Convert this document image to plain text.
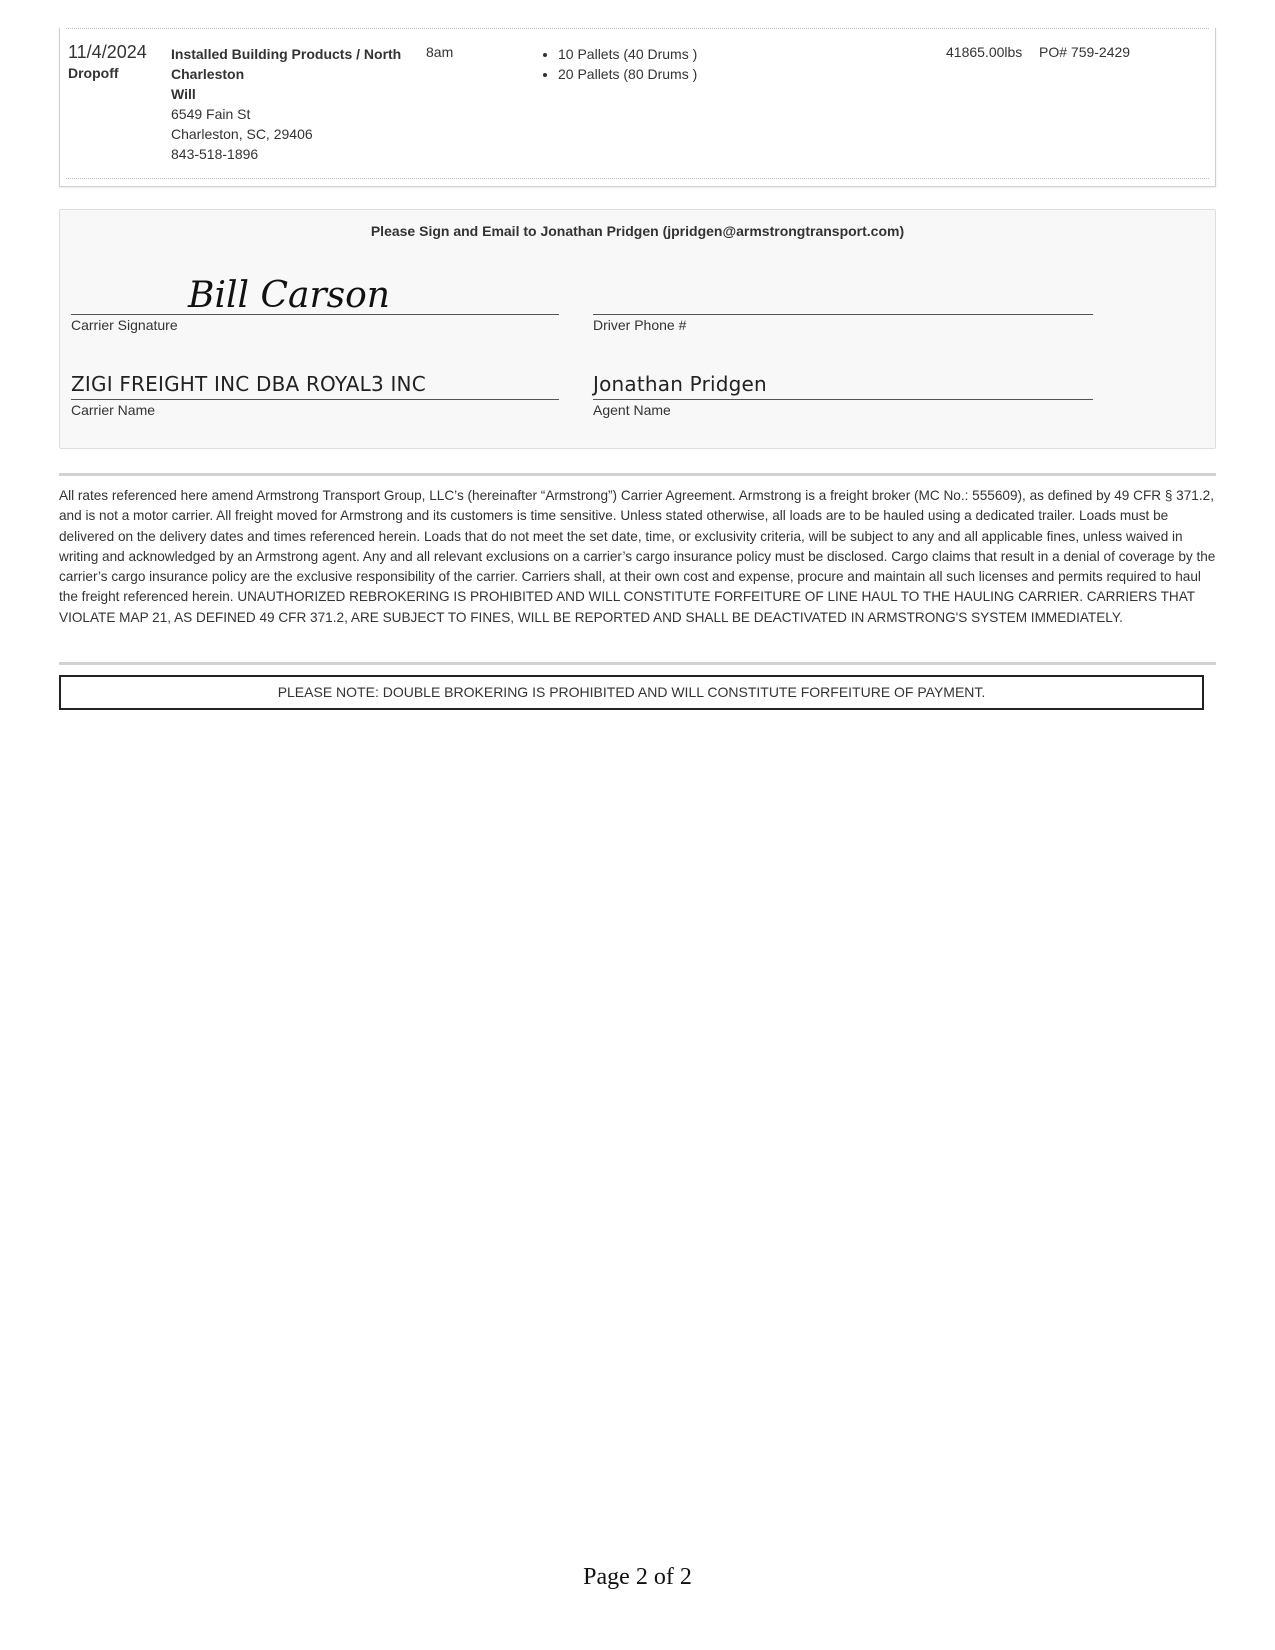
11/4/2024
Dropoff
Installed Building Products / North Charleston
Will
6549 Fain St
Charleston, SC, 29406
843-518-1896
8am
•	10 Pallets (40 Drums )
• 20 Pallets (80 Drums )
41865.00lbs PO# 759-2429
Please Sign and Email to Jonathan Pridgen (jpridgen@armstrongtransport.com)
Bill Carson
Carrier Signature	Driver Phone #
ZIGI FREIGHT INC DBA ROYAL3 INC
Carrier Name
Jonathan Pridgen
Agent Name
All rates referenced here amend Armstrong Transport Group, LLC’s (hereinafter “Armstrong”) Carrier Agreement. Armstrong is a freight broker (MC No.: 555609), as defined by 49 CFR § 371.2, and is not a motor carrier. All freight moved for Armstrong and its customers is time sensitive. Unless stated otherwise, all loads are to be hauled using a dedicated trailer. Loads must be delivered on the delivery dates and times referenced herein. Loads that do not meet the set date, time, or exclusivity criteria, will be subject to any and all applicable fines, unless waived in writing and acknowledged by an Armstrong agent. Any and all relevant exclusions on a carrier’s cargo insurance policy must be disclosed. Cargo claims that result in a denial of coverage by the carrier’s cargo insurance policy are the exclusive responsibility of the carrier. Carriers shall, at their own cost and expense, procure and maintain all such licenses and permits required to haul the freight referenced herein. UNAUTHORIZED REBROKERING IS PROHIBITED AND WILL CONSTITUTE FORFEITURE OF LINE HAUL TO THE HAULING CARRIER. CARRIERS THAT VIOLATE MAP 21, AS DEFINED 49 CFR 371.2, ARE SUBJECT TO FINES, WILL BE REPORTED AND SHALL BE DEACTIVATED IN ARMSTRONG'S SYSTEM IMMEDIATELY.
PLEASE NOTE: DOUBLE BROKERING IS PROHIBITED AND WILL CONSTITUTE FORFEITURE OF PAYMENT.
Page 2 of 2
